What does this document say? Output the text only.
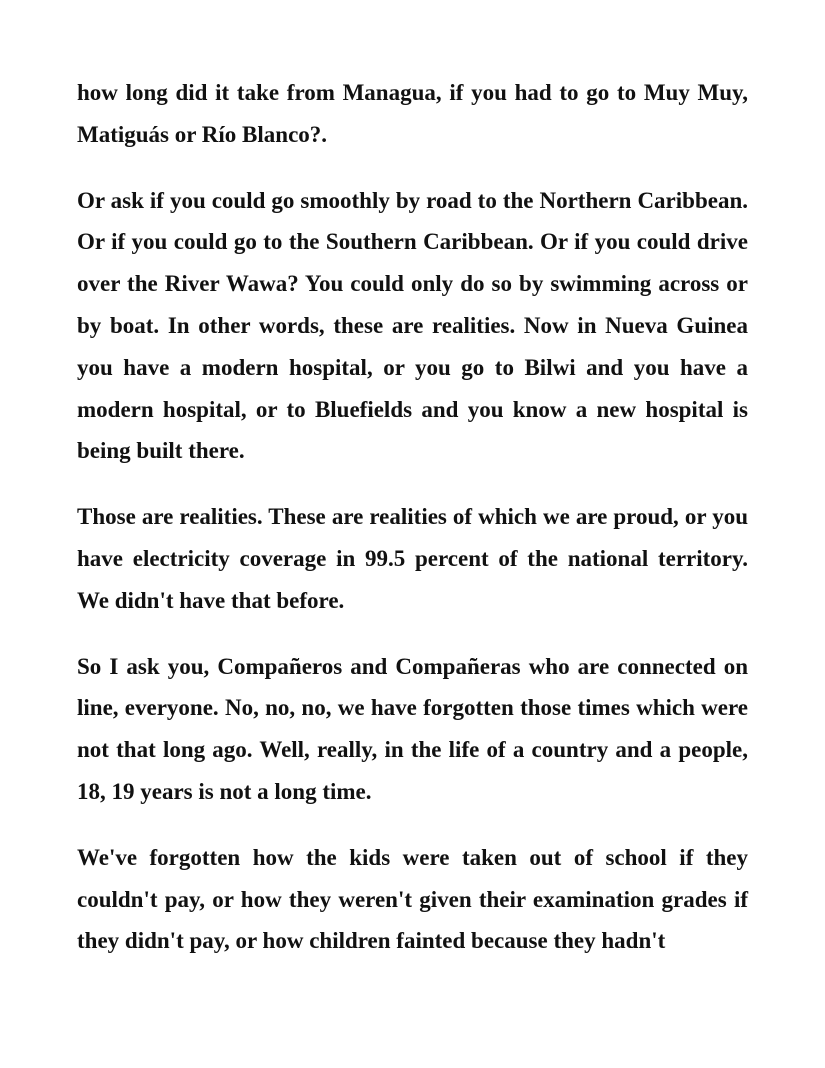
how long did it take from Managua, if you had to go to Muy Muy, Matiguás or Río Blanco?.

Or ask if you could go smoothly by road to the Northern Caribbean. Or if you could go to the Southern Caribbean. Or if you could drive over the River Wawa? You could only do so by swimming across or by boat. In other words, these are realities. Now in Nueva Guinea you have a modern hospital, or you go to Bilwi and you have a modern hospital, or to Bluefields and you know a new hospital is being built there.

Those are realities. These are realities of which we are proud, or you have electricity coverage in 99.5 percent of the national territory. We didn't have that before.

So I ask you, Compañeros and Compañeras who are connected on line, everyone. No, no, no, we have forgotten those times which were not that long ago. Well, really, in the life of a country and a people, 18, 19 years is not a long time.

We've forgotten how the kids were taken out of school if they couldn't pay, or how they weren't given their examination grades if they didn't pay, or how children fainted because they hadn't
